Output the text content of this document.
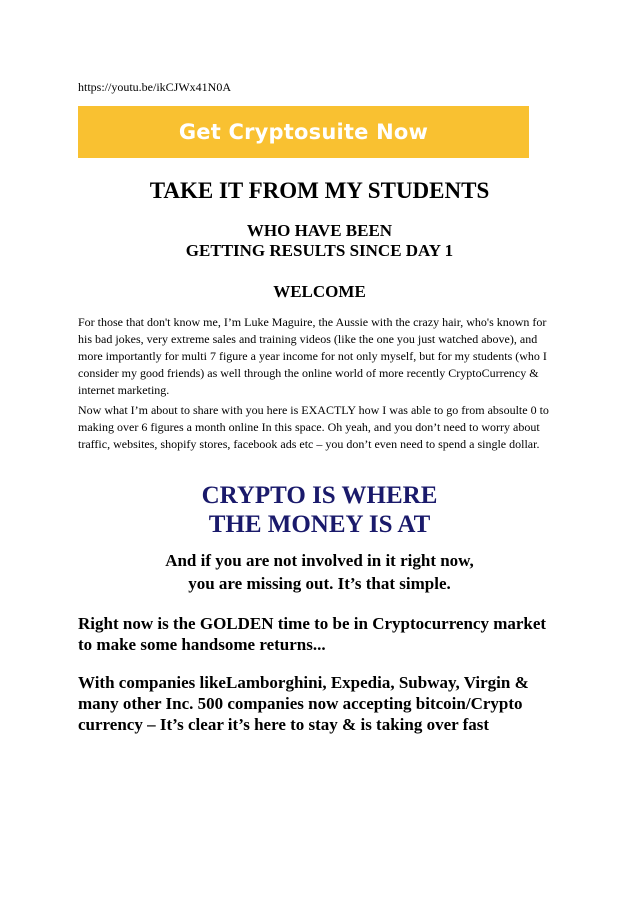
https://youtu.be/ikCJWx41N0A
Get Cryptosuite Now
TAKE IT FROM MY STUDENTS
WHO HAVE BEEN
GETTING RESULTS SINCE DAY 1
WELCOME
For those that don't know me, I’m Luke Maguire, the Aussie with the crazy hair, who's known for his bad jokes, very extreme sales and training videos (like the one you just watched above), and more importantly for multi 7 figure a year income for not only myself, but for my students (who I consider my good friends) as well through the online world of more recently CryptoCurrency & internet marketing.
Now what I’m about to share with you here is EXACTLY how I was able to go from absoulte 0 to making over 6 figures a month online In this space. Oh yeah, and you don’t need to worry about traffic, websites, shopify stores, facebook ads etc – you don’t even need to spend a single dollar.
CRYPTO IS WHERE
THE MONEY IS AT
And if you are not involved in it right now,
you are missing out. It’s that simple.
Right now is the GOLDEN time to be in Cryptocurrency market to make some handsome returns...
With companies likeLamborghini, Expedia, Subway, Virgin & many other Inc. 500 companies now accepting bitcoin/Crypto currency – It’s clear it’s here to stay & is taking over fast
